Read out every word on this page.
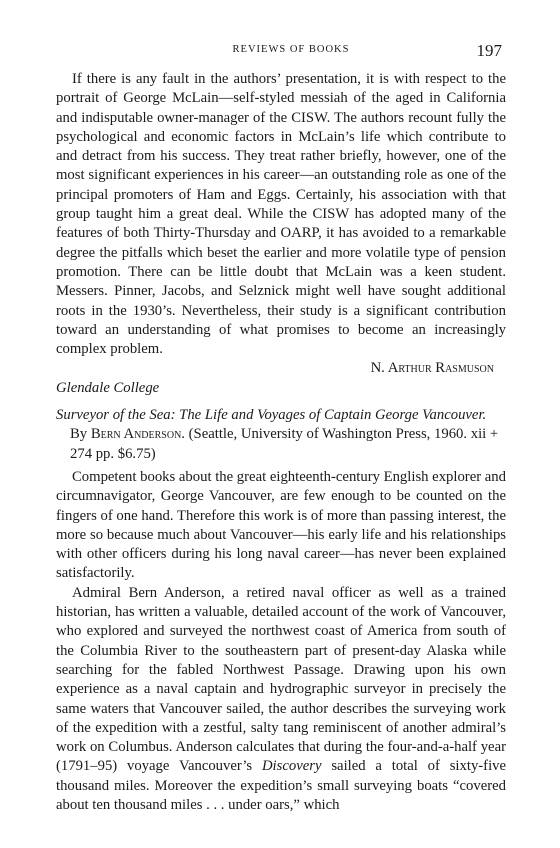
REVIEWS OF BOOKS	197

If there is any fault in the authors’ presentation, it is with respect to the portrait of George McLain—self-styled messiah of the aged in California and indisputable owner-manager of the CISW. The authors recount fully the psychological and economic factors in McLain’s life which contribute to and detract from his success. They treat rather briefly, however, one of the most significant experiences in his career—an outstanding role as one of the principal promoters of Ham and Eggs. Certainly, his association with that group taught him a great deal. While the CISW has adopted many of the features of both Thirty-Thursday and OARP, it has avoided to a remarkable degree the pitfalls which beset the earlier and more volatile type of pension promotion. There can be little doubt that McLain was a keen student. Messers. Pinner, Jacobs, and Selznick might well have sought additional roots in the 1930’s. Nevertheless, their study is a significant contribution toward an understanding of what promises to become an increasingly complex problem.

N. Arthur Rasmuson
Glendale College
Surveyor of the Sea: The Life and Voyages of Captain George Vancouver. By Bern Anderson. (Seattle, University of Washington Press, 1960. xii + 274 pp. $6.75)

Competent books about the great eighteenth-century English explorer and circumnavigator, George Vancouver, are few enough to be counted on the fingers of one hand. Therefore this work is of more than passing interest, the more so because much about Vancouver—his early life and his relationships with other officers during his long naval career—has never been explained satisfactorily.

Admiral Bern Anderson, a retired naval officer as well as a trained historian, has written a valuable, detailed account of the work of Vancouver, who explored and surveyed the northwest coast of America from south of the Columbia River to the southeastern part of present-day Alaska while searching for the fabled Northwest Passage. Drawing upon his own experience as a naval captain and hydrographic surveyor in precisely the same waters that Vancouver sailed, the author describes the surveying work of the expedition with a zestful, salty tang reminiscent of another admiral’s work on Columbus. Anderson calculates that during the four-and-a-half year (1791–95) voyage Vancouver’s Discovery sailed a total of sixty-five thousand miles. Moreover the expedition’s small surveying boats “covered about ten thousand miles . . . under oars,” which
